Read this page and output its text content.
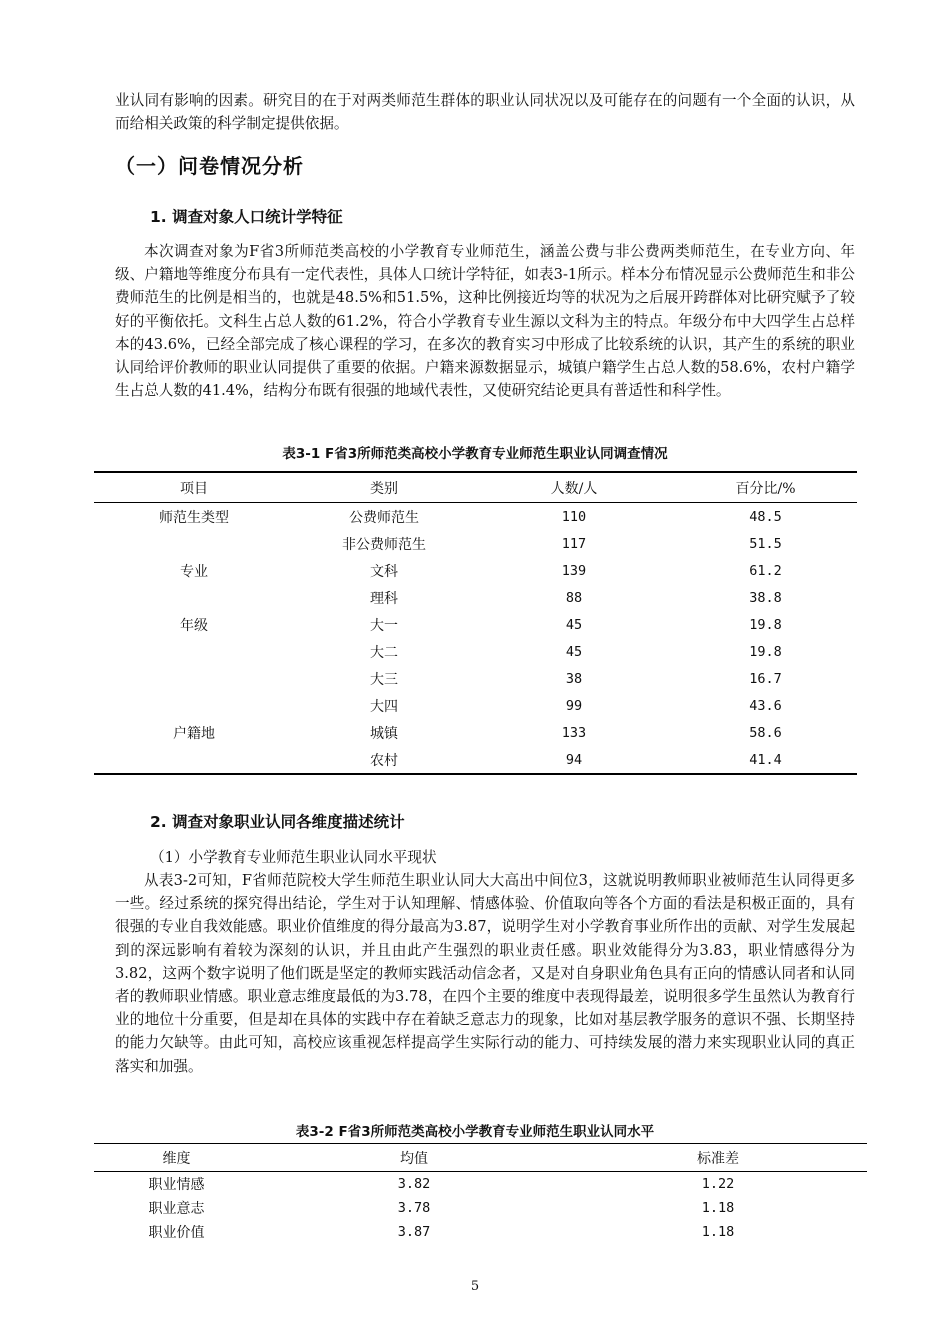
业认同有影响的因素。研究目的在于对两类师范生群体的职业认同状况以及可能存在的问题有一个全面的认识，从而给相关政策的科学制定提供依据。

（一）问卷情况分析
1. 调查对象人口统计学特征

本次调查对象为F省3所师范类高校的小学教育专业师范生，涵盖公费与非公费两类师范生，在专业方向、年级、户籍地等维度分布具有一定代表性，具体人口统计学特征，如表3-1所示。样本分布情况显示公费师范生和非公费师范生的比例是相当的，也就是48.5%和51.5%，这种比例接近均等的状况为之后展开跨群体对比研究赋予了较好的平衡依托。文科生占总人数的61.2%，符合小学教育专业生源以文科为主的特点。年级分布中大四学生占总样本的43.6%，已经全部完成了核心课程的学习，在多次的教育实习中形成了比较系统的认识，其产生的系统的职业认同给评价教师的职业认同提供了重要的依据。户籍来源数据显示，城镇户籍学生占总人数的58.6%，农村户籍学生占总人数的41.4%，结构分布既有很强的地域代表性，又使研究结论更具有普适性和科学性。

表3-1 F省3所师范类高校小学教育专业师范生职业认同调查情况

项目	类别	人数/人	百分比/%
师范生类型	公费师范生	110	48.5
	非公费师范生	117	51.5
专业	文科	139	61.2
	理科	88	38.8
年级	大一	45	19.8
	大二	45	19.8
	大三	38	16.7
	大四	99	43.6
户籍地	城镇	133	58.6
	农村	94	41.4
2. 调查对象职业认同各维度描述统计

（1）小学教育专业师范生职业认同水平现状

从表3-2可知，F省师范院校大学生师范生职业认同大大高出中间位3，这就说明教师职业被师范生认同得更多一些。经过系统的探究得出结论，学生对于认知理解、情感体验、价值取向等各个方面的看法是积极正面的，具有很强的专业自我效能感。职业价值维度的得分最高为3.87，说明学生对小学教育事业所作出的贡献、对学生发展起到的深远影响有着较为深刻的认识，并且由此产生强烈的职业责任感。职业效能得分为3.83，职业情感得分为3.82，这两个数字说明了他们既是坚定的教师实践活动信念者，又是对自身职业角色具有正向的情感认同者和认同者的教师职业情感。职业意志维度最低的为3.78，在四个主要的维度中表现得最差，说明很多学生虽然认为教育行业的地位十分重要，但是却在具体的实践中存在着缺乏意志力的现象，比如对基层教学服务的意识不强、长期坚持的能力欠缺等。由此可知，高校应该重视怎样提高学生实际行动的能力、可持续发展的潜力来实现职业认同的真正落实和加强。

表3-2 F省3所师范类高校小学教育专业师范生职业认同水平

维度	均值	标准差
职业情感	3.82	1.22
职业意志	3.78	1.18
职业价值	3.87	1.18

5
